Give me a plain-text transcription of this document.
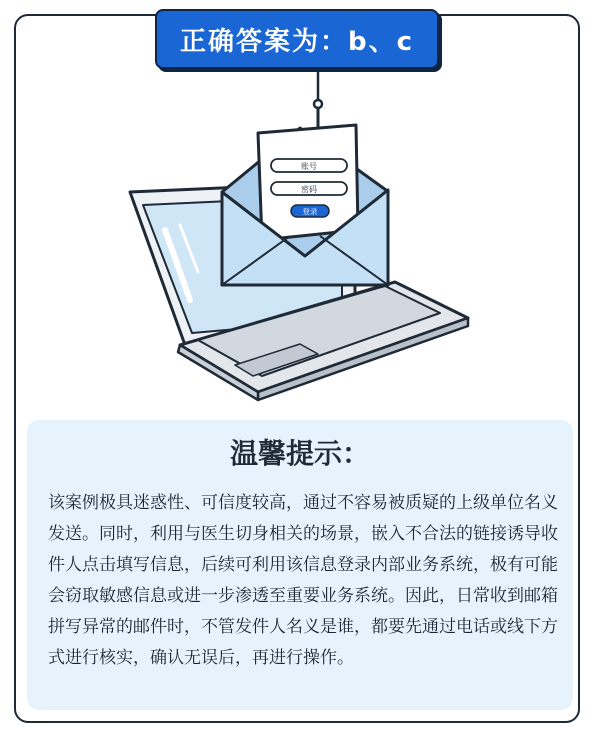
账号
密码
登录
正确答案为：b、c
温馨提示：

该案例极具迷惑性、可信度较高，通过不容易被质疑的上级单位名义发送。同时，利用与医生切身相关的场景，嵌入不合法的链接诱导收件人点击填写信息，后续可利用该信息登录内部业务系统，极有可能会窃取敏感信息或进一步渗透至重要业务系统。因此，日常收到邮箱拼写异常的邮件时，不管发件人名义是谁，都要先通过电话或线下方式进行核实，确认无误后，再进行操作。
